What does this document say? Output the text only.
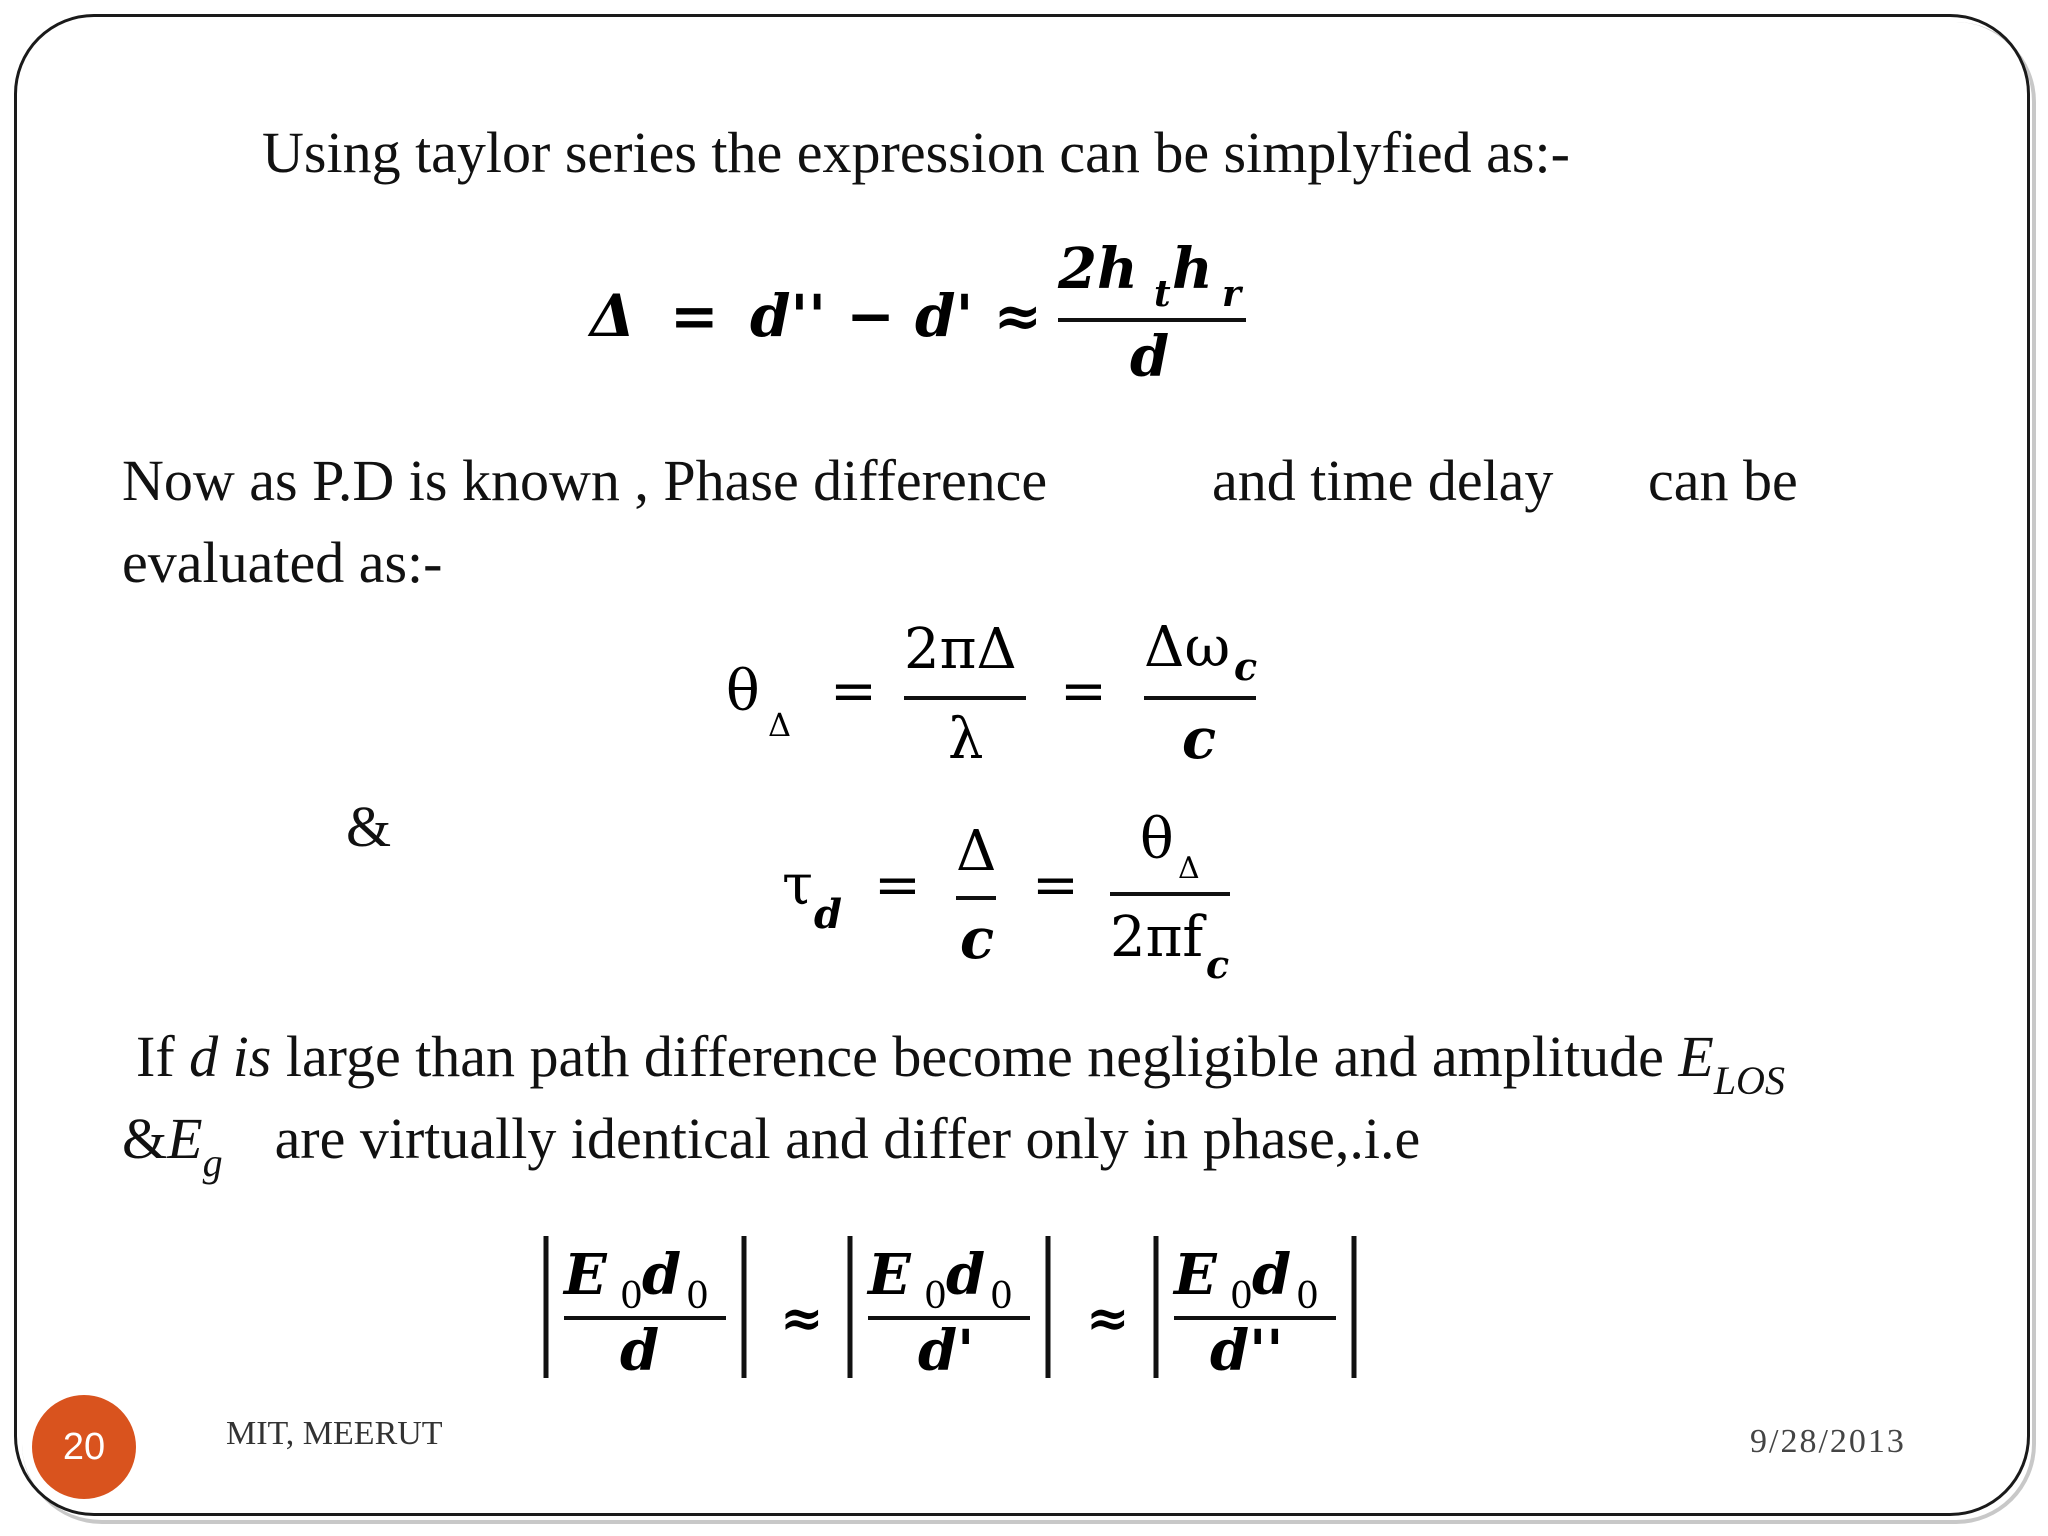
Using taylor series the expression can be simplyfied as:-
Δ = d'' − d' ≈
2h t h r
d
Now as P.D is known , Phase difference	and time delay can be
evaluated as:-
θ
Δ
=
2πΔ
λ
=
Δω c
c
&
τ d =
Δ
c
=
θ Δ
2πf c
If d is large than path difference become negligible and amplitude $E_{LOS}$
$\&E_g$ are virtually identical and differ only in phase,.i.e
E 0 d 0
d ≈
E 0 d 0
d' ≈
E 0 d 0
d''
20	MIT, MEERUT	9/28/2013
